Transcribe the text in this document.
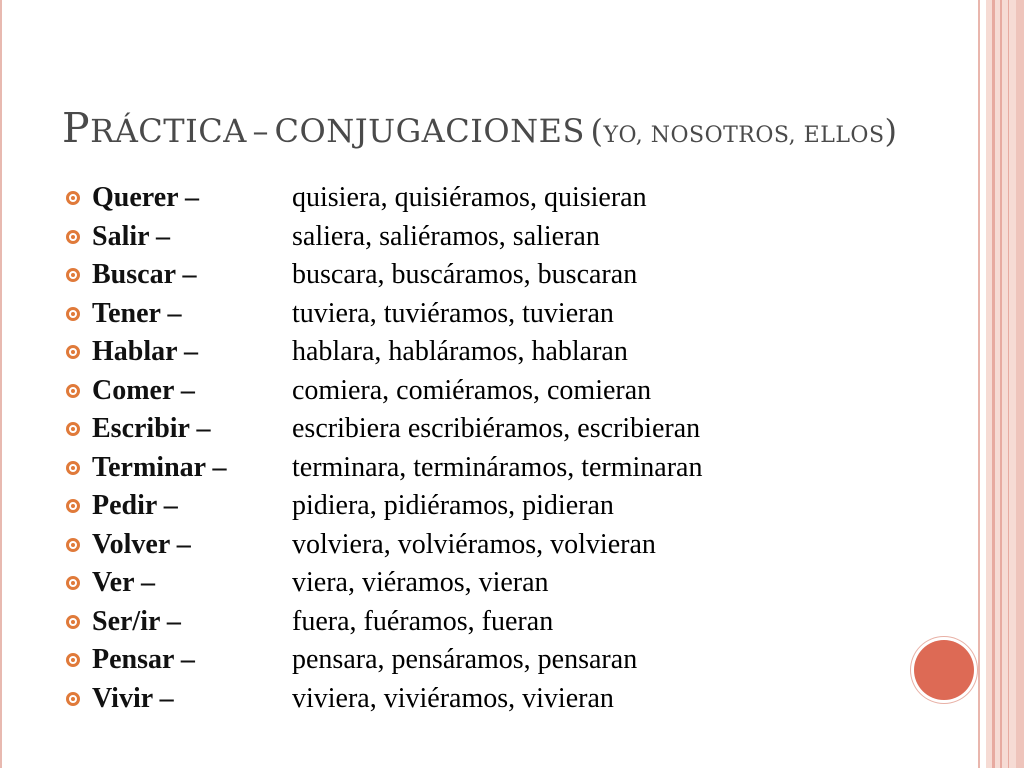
PRÁCTICA – CONJUGACIONES (YO, NOSOTROS, ELLOS)
Querer –	quisiera, quisiéramos, quisieran
Salir –	saliera, saliéramos, salieran
Buscar –	buscara, buscáramos, buscaran
Tener –	tuviera, tuviéramos, tuvieran
Hablar –	hablara, habláramos, hablaran
Comer –	comiera, comiéramos, comieran
Escribir –	escribiera escribiéramos, escribieran
Terminar –	terminara, termináramos, terminaran
Pedir –	pidiera, pidiéramos, pidieran
Volver –	volviera, volviéramos, volvieran
Ver –	viera, viéramos, vieran
Ser/ir –	fuera, fuéramos, fueran
Pensar –	pensara, pensáramos, pensaran
Vivir –	viviera, viviéramos, vivieran
